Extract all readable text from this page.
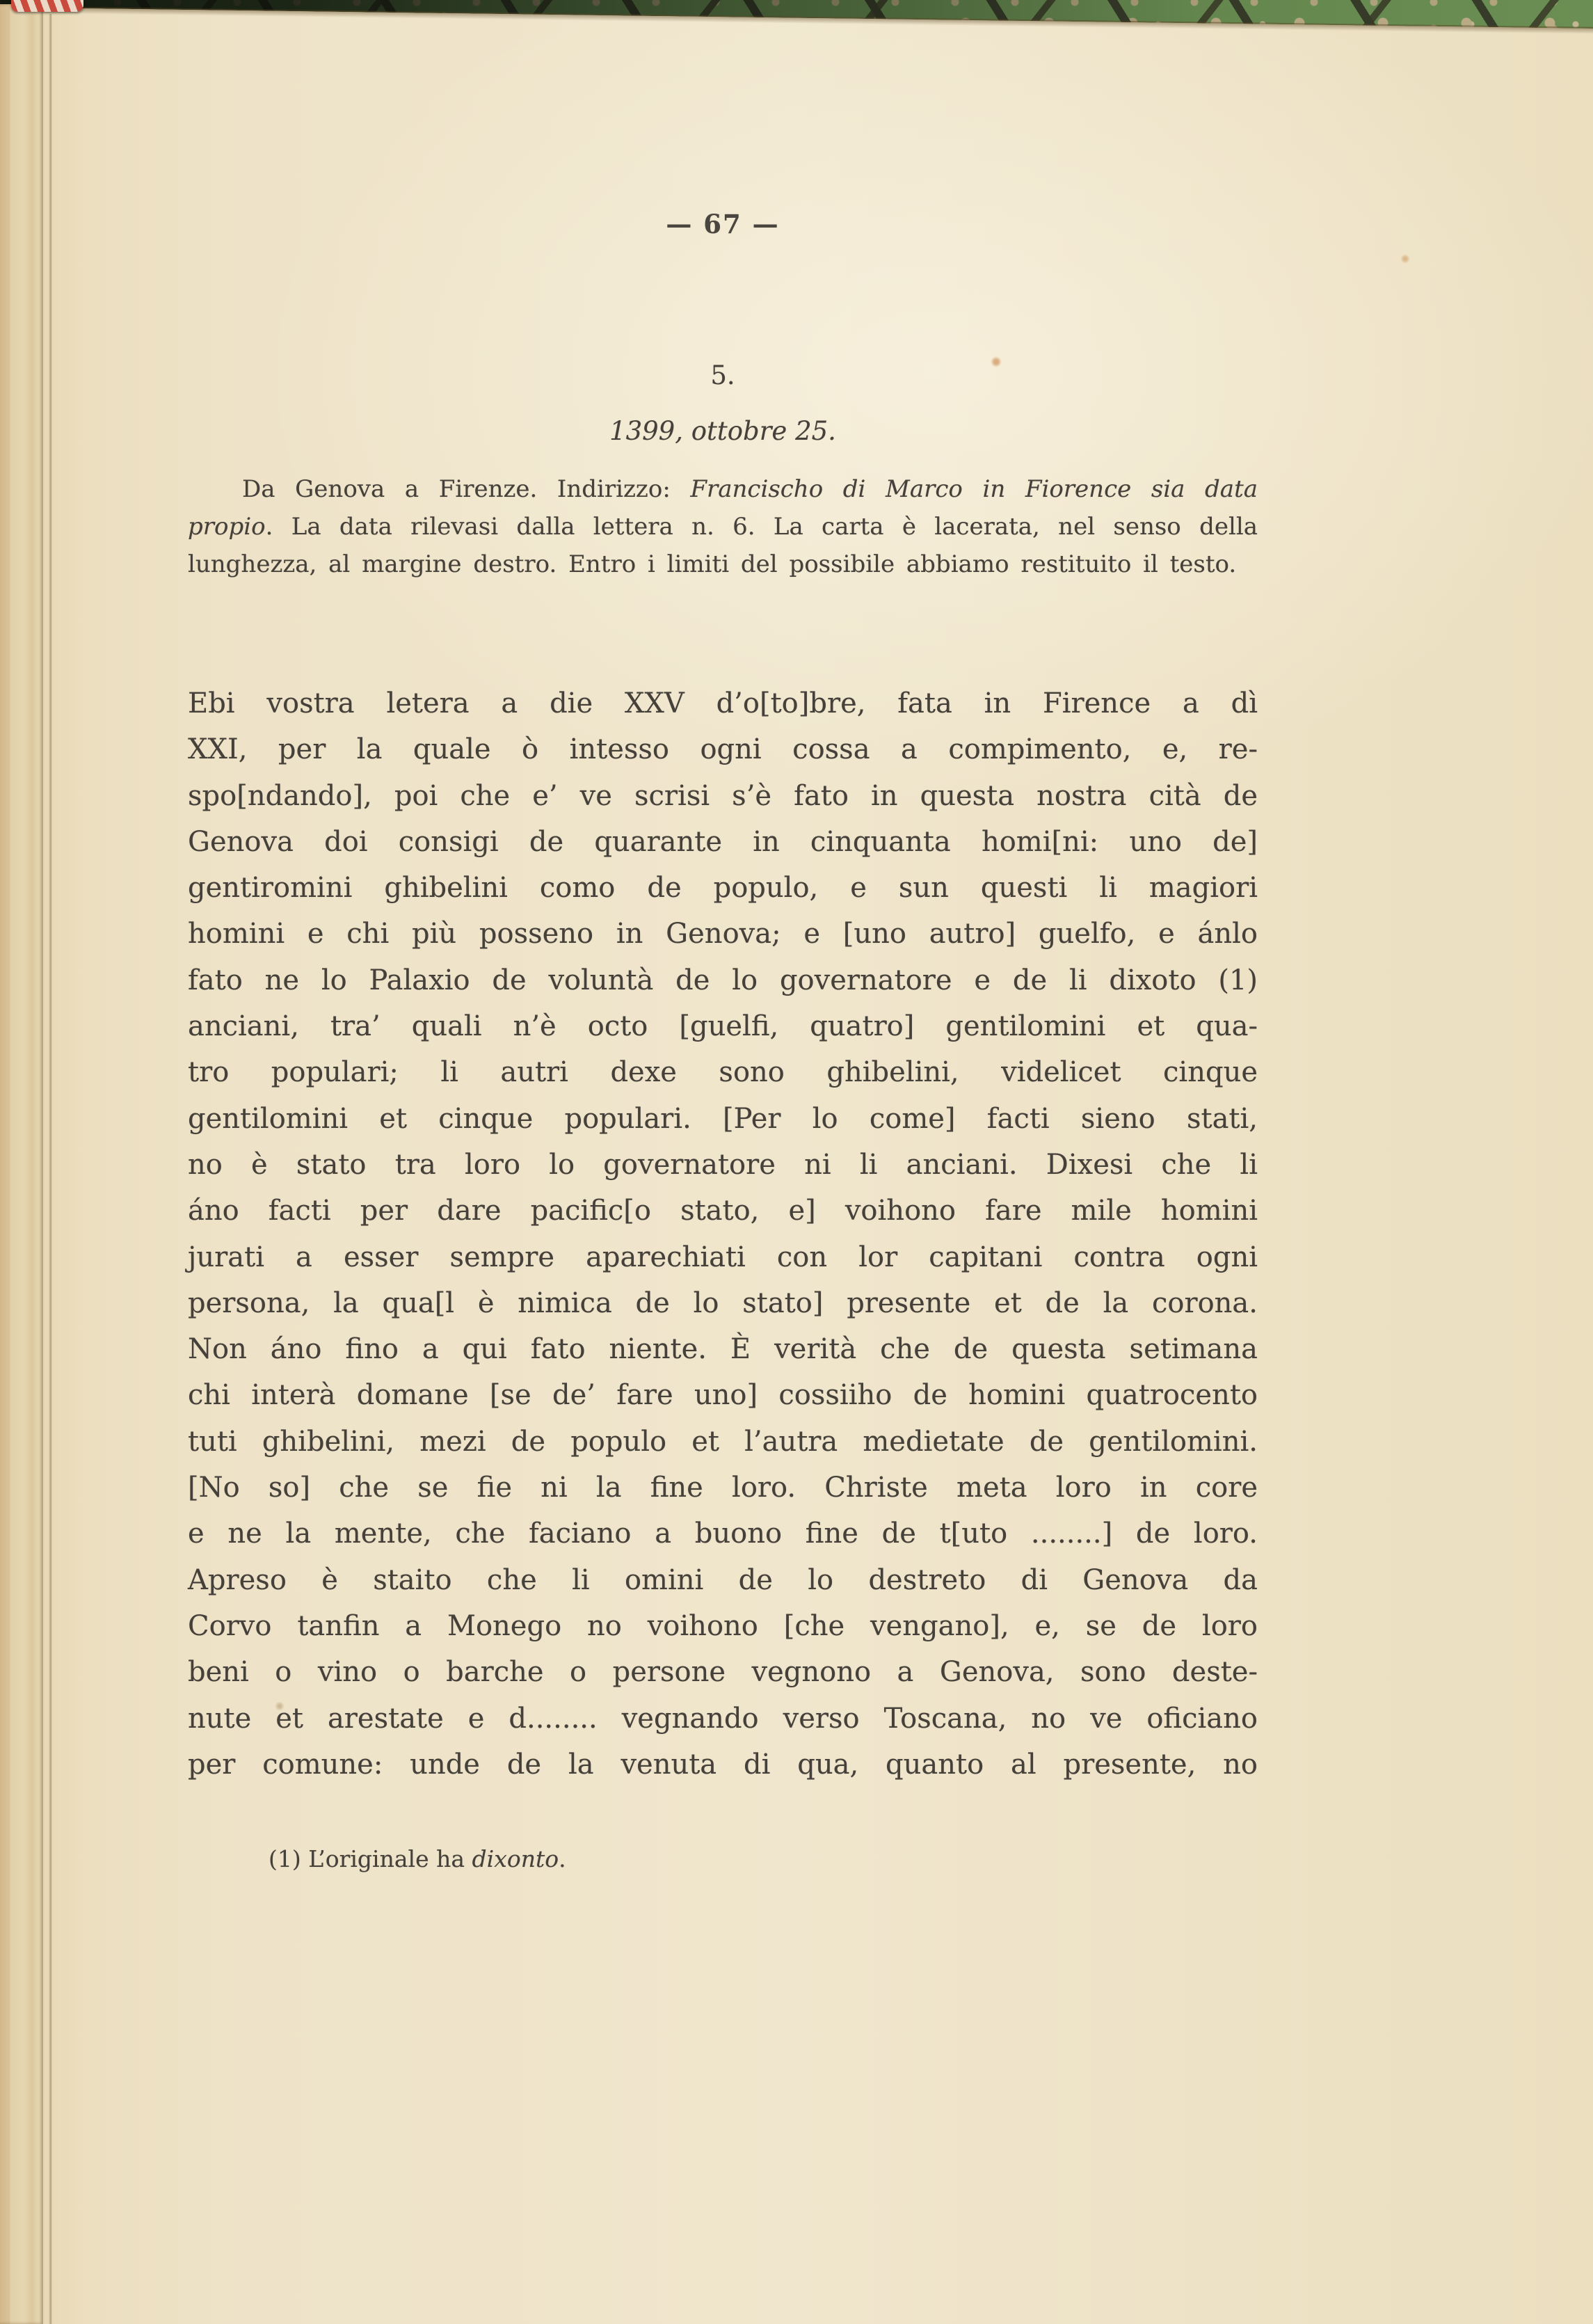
— 67 —
5.
1399, ottobre 25.

Da Genova a Firenze. Indirizzo: Francischo di Marco in Fiorence sia data propio. La data rilevasi dalla lettera n. 6. La carta è lacerata, nel senso della lunghezza, al margine destro. Entro i limiti del possibile abbiamo restituito il testo.

Ebi vostra letera a die XXV d’o[to]bre, fata in Firence a dì
XXI, per la quale ò intesso ogni cossa a compimento, e, re-
spo[ndando], poi che e’ ve scrisi s’è fato in questa nostra cità de
Genova doi consigi de quarante in cinquanta homi[ni: uno de]
gentiromini ghibelini como de populo, e sun questi li magiori
homini e chi più posseno in Genova; e [uno autro] guelfo, e ánlo
fato ne lo Palaxio de voluntà de lo governatore e de li dixoto (1)
anciani, tra’ quali n’è octo [guelfi, quatro] gentilomini et qua-
tro populari; li autri dexe sono ghibelini, videlicet cinque
gentilomini et cinque populari. [Per lo come] facti sieno stati,
no è stato tra loro lo governatore ni li anciani. Dixesi che li
áno facti per dare pacific[o stato, e] voihono fare mile homini
jurati a esser sempre aparechiati con lor capitani contra ogni
persona, la qua[l è nimica de lo stato] presente et de la corona.
Non áno fino a qui fato niente. È verità che de questa setimana
chi interà domane [se de’ fare uno] cossiiho de homini quatrocento
tuti ghibelini, mezi de populo et l’autra medietate de gentilomini.
[No so] che se fie ni la fine loro. Christe meta loro in core
e ne la mente, che faciano a buono fine de t[uto ........] de loro.
Apreso è staito che li omini de lo destreto di Genova da
Corvo tanfin a Monego no voihono [che vengano], e, se de loro
beni o vino o barche o persone vegnono a Genova, sono deste-
nute et arestate e d........ vegnando verso Toscana, no ve oficiano
per comune: unde de la venuta di qua, quanto al presente, no
(1) L’originale ha dixonto.
